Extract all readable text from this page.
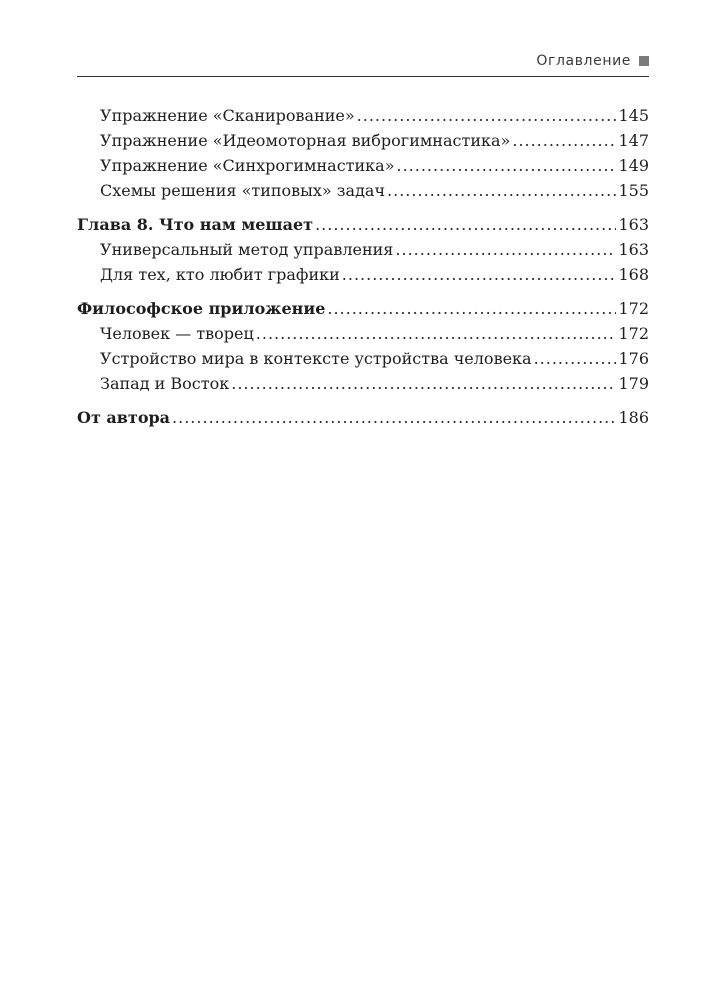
Оглавление
Упражнение «Сканирование» .....	145
Упражнение «Идеомоторная виброгимнастика» .....	147
Упражнение «Синхрогимнастика» .....	149
Схемы решения «типовых» задач .....	155
Глава 8. Что нам мешает .....	163
Универсальный метод управления .....	163
Для тех, кто любит графики .....	168
Философское приложение .....	172
Человек — творец .....	172
Устройство мира в контексте устройства человека .....	176
Запад и Восток .....	179
От автора .....	186
